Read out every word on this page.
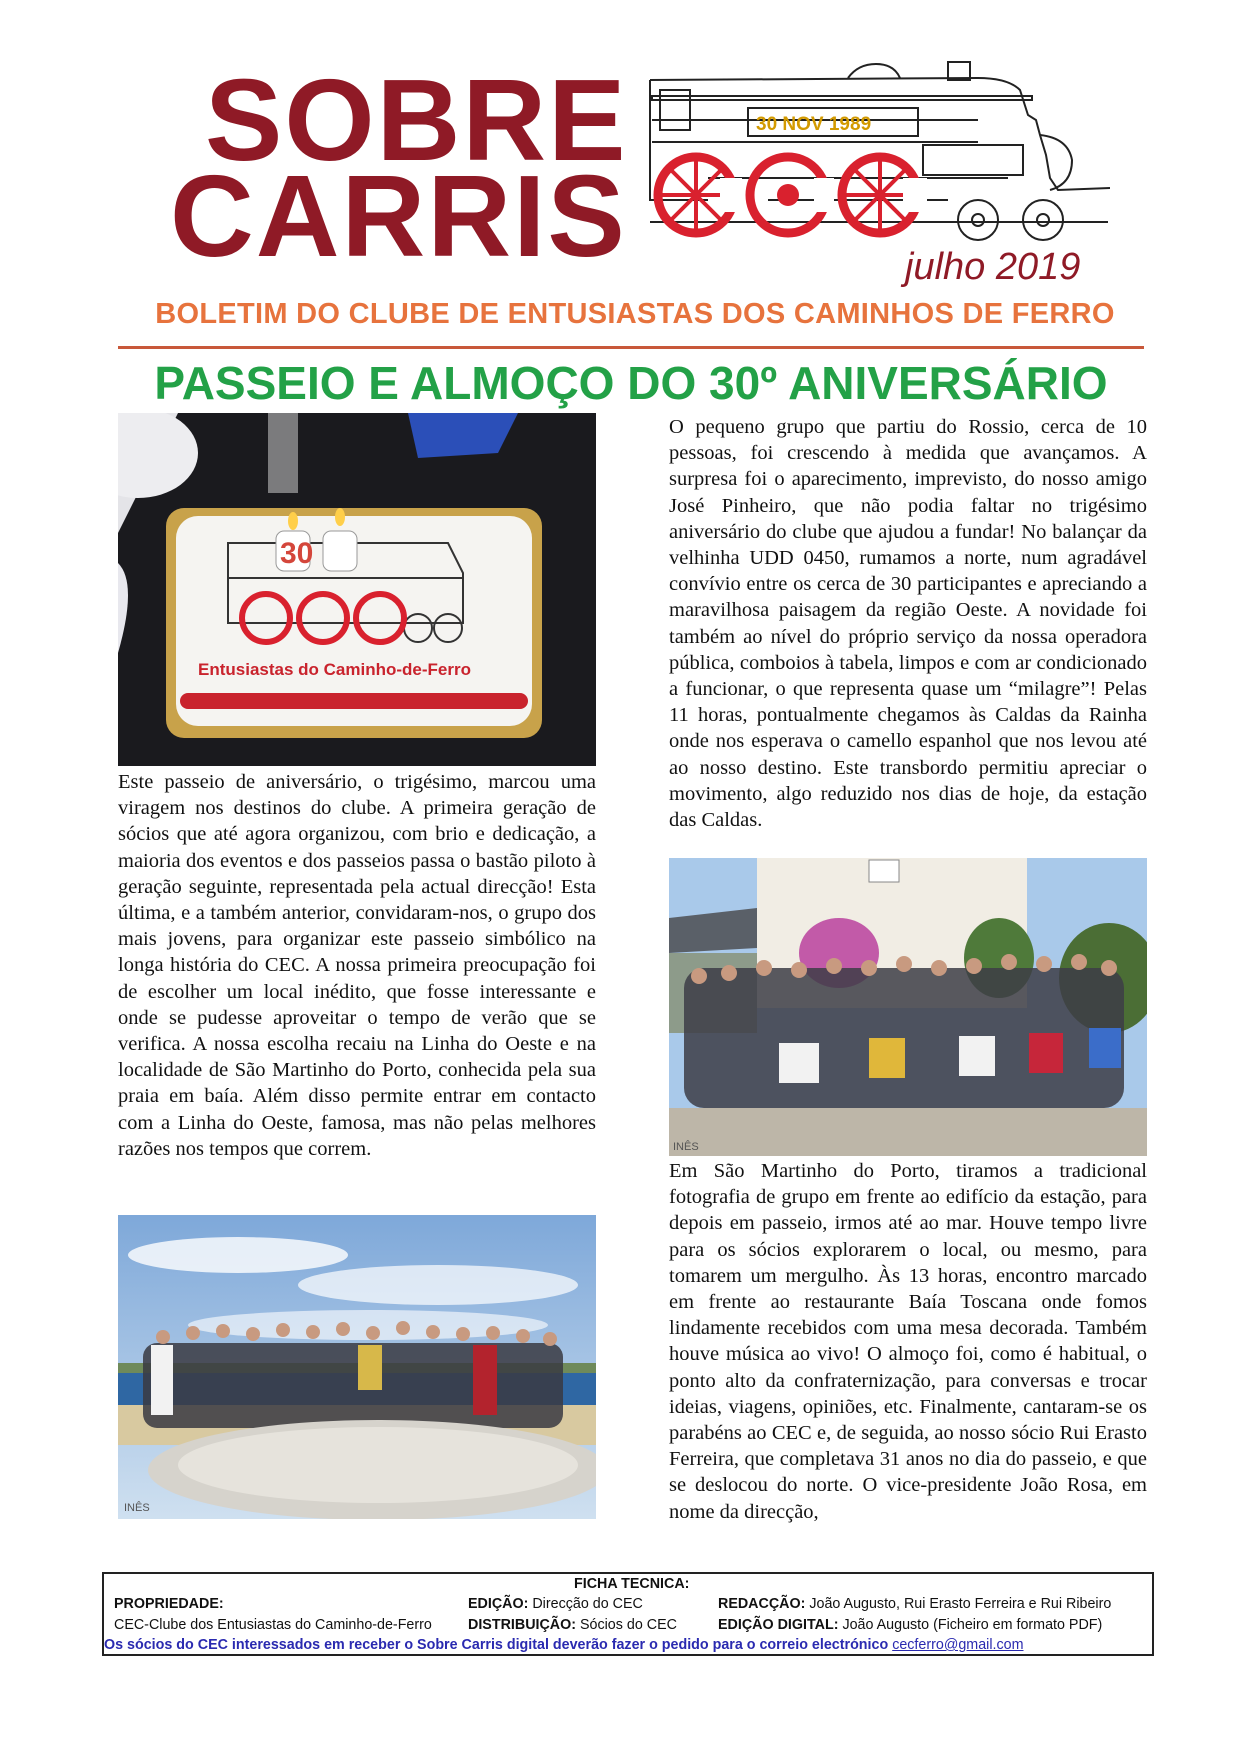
SOBRE
CARRIS
30 NOV 1989
julho 2019
BOLETIM DO CLUBE DE ENTUSIASTAS DOS CAMINHOS DE FERRO
PASSEIO E ALMOÇO DO 30º ANIVERSÁRIO
Entusiastas do Caminho-de-Ferro
30
Este passeio de aniversário, o trigésimo, marcou uma viragem nos destinos do clube. A primeira geração de sócios que até agora organizou, com brio e dedicação, a maioria dos eventos e dos passeios passa o bastão piloto à geração seguinte, representada pela actual direcção! Esta última, e a também anterior, convidaram-nos, o grupo dos mais jovens, para organizar este passeio simbólico na longa história do CEC. A nossa primeira preocupação foi de escolher um local inédito, que fosse interessante e onde se pudesse aproveitar o tempo de verão que se verifica. A nossa escolha recaiu na Linha do Oeste e na localidade de São Martinho do Porto, conhecida pela sua praia em baía. Além disso permite entrar em contacto com a Linha do Oeste, famosa, mas não pelas melhores razões nos tempos que correm.
INÊS
O pequeno grupo que partiu do Rossio, cerca de 10 pessoas, foi crescendo à medida que avançamos. A surpresa foi o aparecimento, imprevisto, do nosso amigo José Pinheiro, que não podia faltar no trigésimo aniversário do clube que ajudou a fundar! No balançar da velhinha UDD 0450, rumamos a norte, num agradável convívio entre os cerca de 30 participantes e apreciando a maravilhosa paisagem da região Oeste. A novidade foi também ao nível do próprio serviço da nossa operadora pública, comboios à tabela, limpos e com ar condicionado a funcionar, o que representa quase um “milagre”! Pelas 11 horas, pontualmente chegamos às Caldas da Rainha onde nos esperava o camello espanhol que nos levou até ao nosso destino. Este transbordo permitiu apreciar o movimento, algo reduzido nos dias de hoje, da estação das Caldas.
INÊS
Em São Martinho do Porto, tiramos a tradicional fotografia de grupo em frente ao edifício da estação, para depois em passeio, irmos até ao mar. Houve tempo livre para os sócios explorarem o local, ou mesmo, para tomarem um mergulho. Às 13 horas, encontro marcado em frente ao restaurante Baía Toscana onde fomos lindamente recebidos com uma mesa decorada. Também houve música ao vivo! O almoço foi, como é habitual, o ponto alto da confraternização, para conversas e trocar ideias, viagens, opiniões, etc. Finalmente, cantaram-se os parabéns ao CEC e, de seguida, ao nosso sócio Rui Erasto Ferreira, que completava 31 anos no dia do passeio, e que se deslocou do norte. O vice-presidente João Rosa, em nome da direcção,
FICHA TECNICA:
PROPRIEDADE:
CEC-Clube dos Entusiastas do Caminho-de-Ferro
EDIÇÃO: Direcção do CEC
DISTRIBUIÇÃO: Sócios do CEC
REDACÇÃO: João Augusto, Rui Erasto Ferreira e Rui Ribeiro
EDIÇÃO DIGITAL: João Augusto (Ficheiro em formato PDF)
Os sócios do CEC interessados em receber o Sobre Carris digital deverão fazer o pedido para o correio electrónico cecferro@gmail.com
